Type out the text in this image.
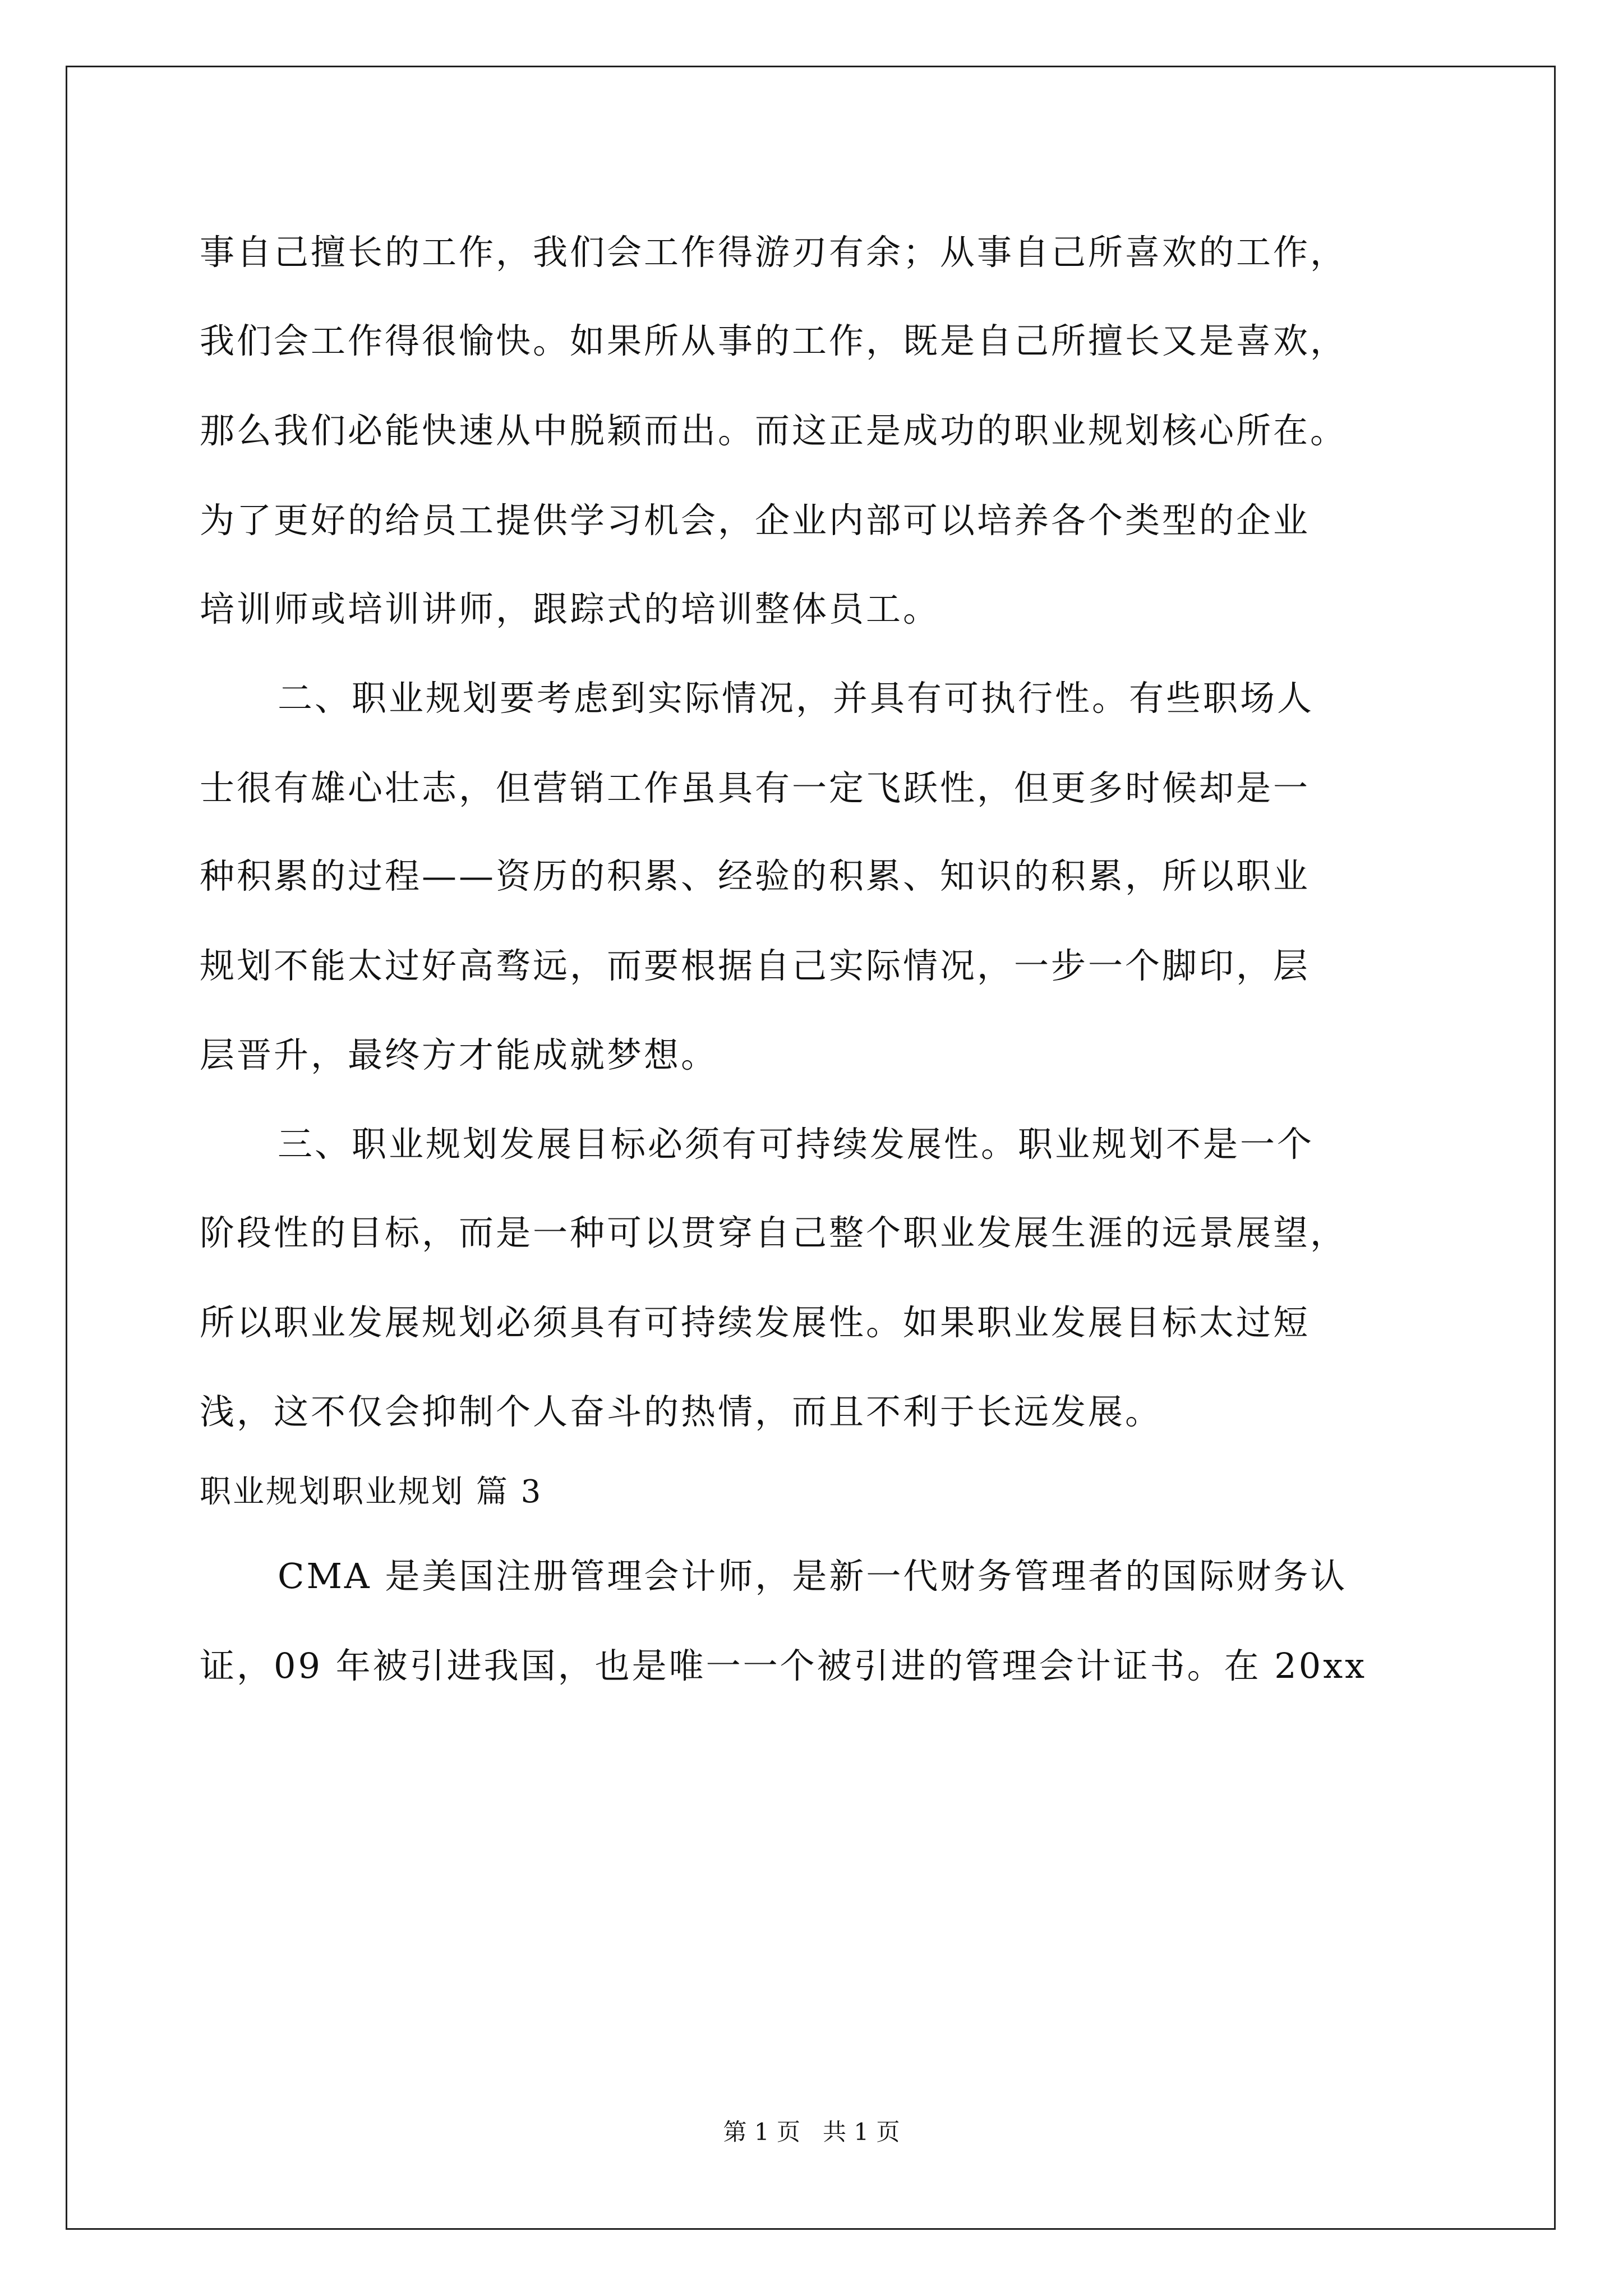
事自己擅长的工作，我们会工作得游刃有余；从事自己所喜欢的工作，
我们会工作得很愉快。如果所从事的工作，既是自己所擅长又是喜欢，
那么我们必能快速从中脱颖而出。而这正是成功的职业规划核心所在。
为了更好的给员工提供学习机会，企业内部可以培养各个类型的企业
培训师或培训讲师，跟踪式的培训整体员工。
二、职业规划要考虑到实际情况，并具有可执行性。有些职场人
士很有雄心壮志，但营销工作虽具有一定飞跃性，但更多时候却是一
种积累的过程——资历的积累、经验的积累、知识的积累，所以职业
规划不能太过好高骛远，而要根据自己实际情况，一步一个脚印，层
层晋升，最终方才能成就梦想。
三、职业规划发展目标必须有可持续发展性。职业规划不是一个
阶段性的目标，而是一种可以贯穿自己整个职业发展生涯的远景展望，
所以职业发展规划必须具有可持续发展性。如果职业发展目标太过短
浅，这不仅会抑制个人奋斗的热情，而且不利于长远发展。
职业规划职业规划 篇 3
CMA 是美国注册管理会计师，是新一代财务管理者的国际财务认
证，09 年被引进我国，也是唯一一个被引进的管理会计证书。在 20xx
第 1 页   共 1 页
